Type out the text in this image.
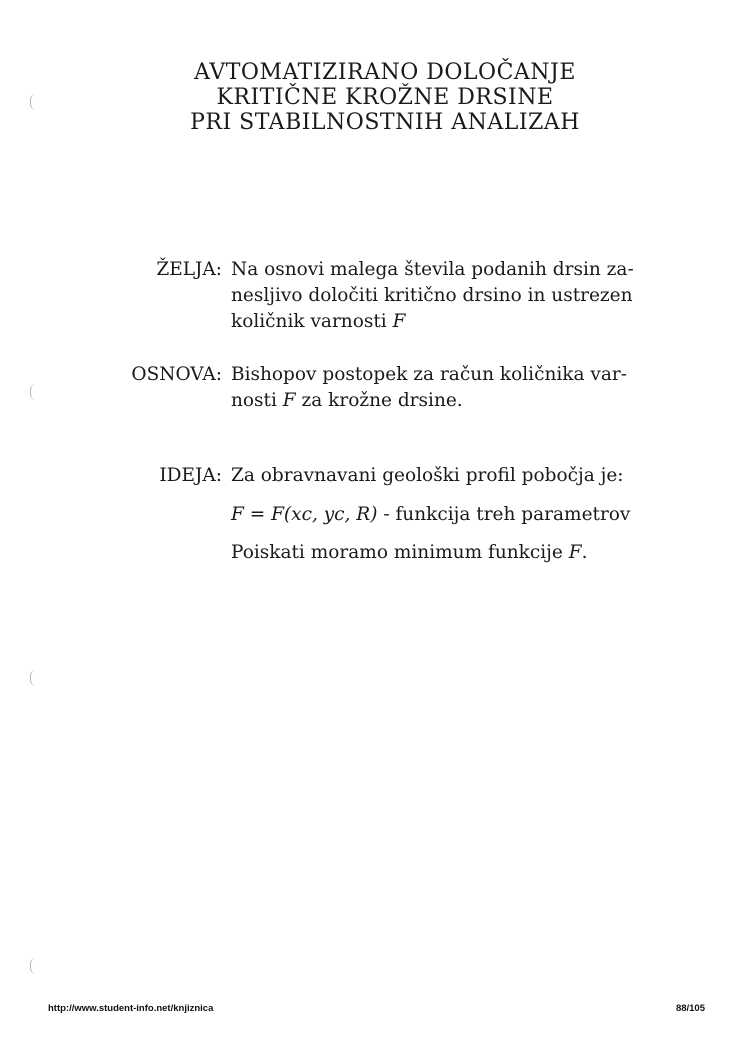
AVTOMATIZIRANO DOLOČANJE
KRITIČNE KROŽNE DRSINE
PRI STABILNOSTNIH ANALIZAH
ŽELJA: Na osnovi malega števila podanih drsin za-
nesljivo določiti kritično drsino in ustrezen
količnik varnosti F
OSNOVA: Bishopov postopek za račun količnika var-
nosti F za krožne drsine.
IDEJA: Za obravnavani geološki profil pobočja je:
F = F(xc, yc, R) - funkcija treh parametrov
Poiskati moramo minimum funkcije F.
http://www.student-info.net/knjiznica	88/105
